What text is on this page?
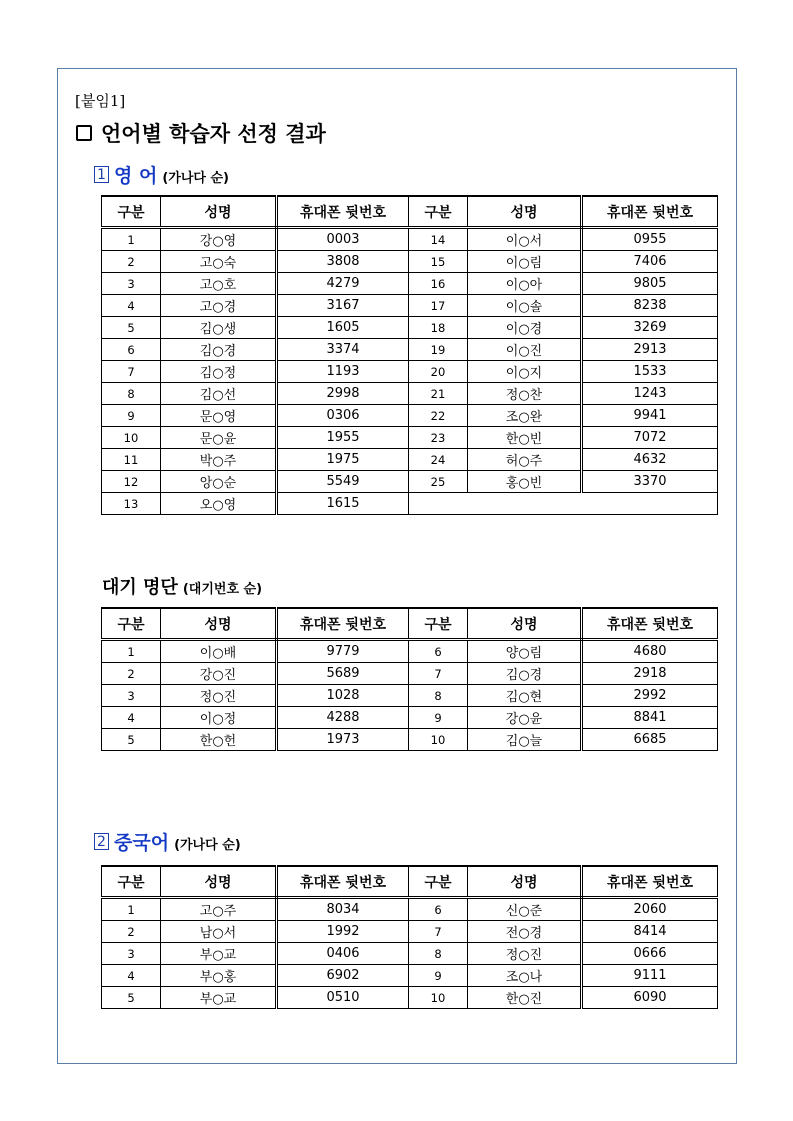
[붙임1]
언어별 학습자 선정 결과
1 영 어 (가나다 순)
구분	성명	휴대폰 뒷번호	구분	성명	휴대폰 뒷번호
1	강○영	0003	14	이○서	0955
2	고○숙	3808	15	이○림	7406
3	고○호	4279	16	이○아	9805
4	고○경	3167	17	이○솔	8238
5	김○생	1605	18	이○경	3269
6	김○경	3374	19	이○진	2913
7	김○정	1193	20	이○지	1533
8	김○선	2998	21	정○찬	1243
9	문○영	0306	22	조○완	9941
10	문○윤	1955	23	한○빈	7072
11	박○주	1975	24	허○주	4632
12	앙○순	5549	25	홍○빈	3370
13	오○영	1615			
대기 명단 (대기번호 순)
구분	성명	휴대폰 뒷번호	구분	성명	휴대폰 뒷번호
1	이○배	9779	6	양○림	4680
2	강○진	5689	7	김○경	2918
3	정○진	1028	8	김○현	2992
4	이○정	4288	9	강○윤	8841
5	한○헌	1973	10	김○늘	6685
2 중국어 (가나다 순)
구분	성명	휴대폰 뒷번호	구분	성명	휴대폰 뒷번호
1	고○주	8034	6	신○준	2060
2	남○서	1992	7	전○경	8414
3	부○교	0406	8	정○진	0666
4	부○홍	6902	9	조○나	9111
5	부○교	0510	10	한○진	6090
